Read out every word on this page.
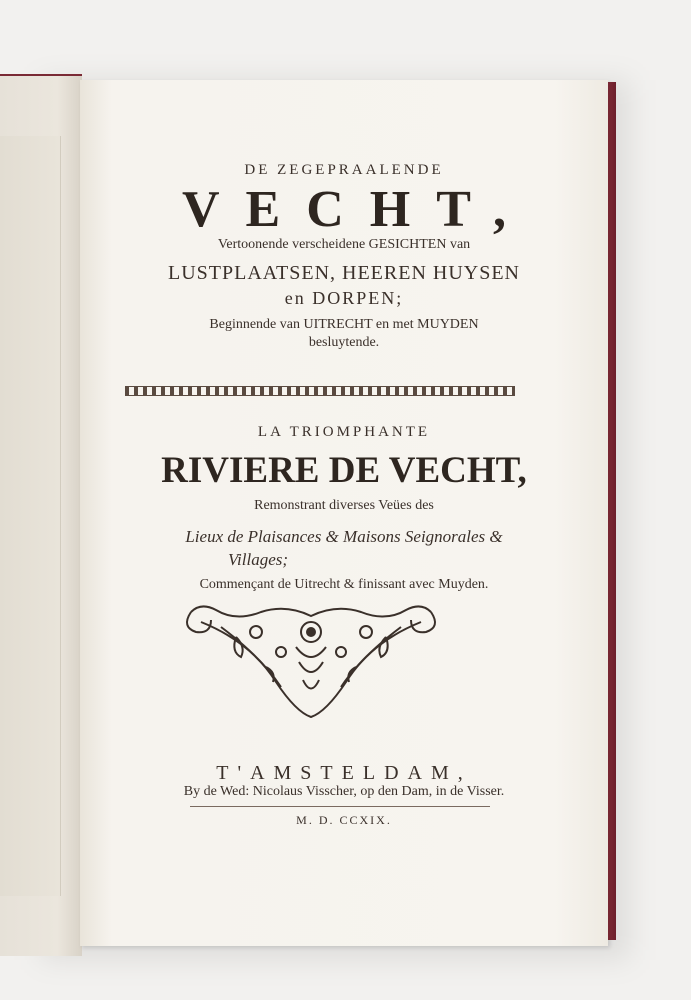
DE ZEGEPRAALENDE
VECHT,
Vertoonende verscheidene GESICHTEN van
LUSTPLAATSEN, HEEREN HUYSEN
en DORPEN;
Beginnende van UITRECHT en met MUYDEN
besluytende.
LA TRIOMPHANTE
RIVIERE DE VECHT,
Remonstrant diverses Veües des
Lieux de Plaisances & Maisons Seignorales &
Villages;
Commençant de Uitrecht & finissant avec Muyden.
T'AMSTELDAM,
By de Wed: Nicolaus Visscher, op den Dam, in de Visser.
M. D. CCXIX.
